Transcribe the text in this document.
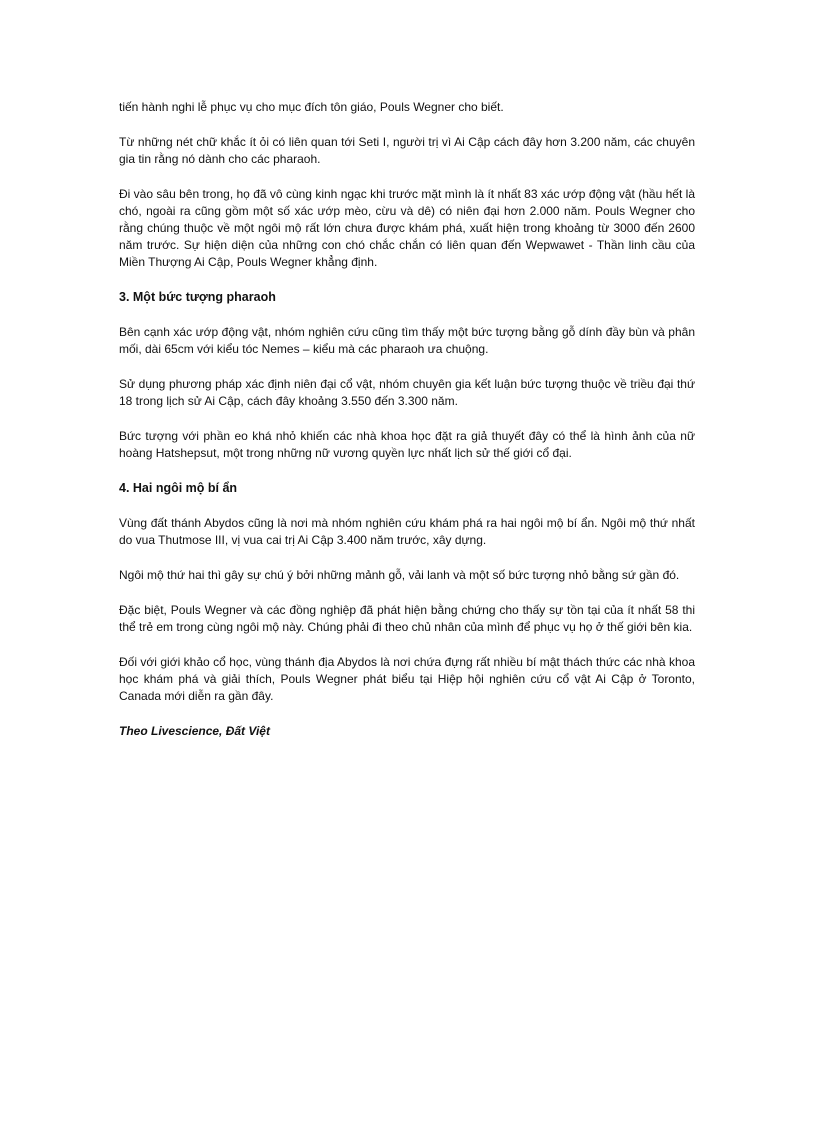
tiến hành nghi lễ phục vụ cho mục đích tôn giáo, Pouls Wegner cho biết.

Từ những nét chữ khắc ít ỏi có liên quan tới Seti I, người trị vì Ai Cập cách đây hơn 3.200 năm, các chuyên gia tin rằng nó dành cho các pharaoh.

Đi vào sâu bên trong, họ đã vô cùng kinh ngạc khi trước mặt mình là ít nhất 83 xác ướp động vật (hầu hết là chó, ngoài ra cũng gồm một số xác ướp mèo, cừu và dê) có niên đại hơn 2.000 năm. Pouls Wegner cho rằng chúng thuộc về một ngôi mộ rất lớn chưa được khám phá, xuất hiện trong khoảng từ 3000 đến 2600 năm trước. Sự hiện diện của những con chó chắc chắn có liên quan đến Wepwawet - Thần linh cầu của Miền Thượng Ai Cập, Pouls Wegner khẳng định.

3. Một bức tượng pharaoh

Bên cạnh xác ướp động vật, nhóm nghiên cứu cũng tìm thấy một bức tượng bằng gỗ dính đầy bùn và phân mối, dài 65cm với kiểu tóc Nemes – kiểu mà các pharaoh ưa chuộng.

Sử dụng phương pháp xác định niên đại cổ vật, nhóm chuyên gia kết luận bức tượng thuộc về triều đại thứ 18 trong lịch sử Ai Cập, cách đây khoảng 3.550 đến 3.300 năm.

Bức tượng với phần eo khá nhỏ khiến các nhà khoa học đặt ra giả thuyết đây có thể là hình ảnh của nữ hoàng Hatshepsut, một trong những nữ vương quyền lực nhất lịch sử thế giới cổ đại.

4. Hai ngôi mộ bí ẩn

Vùng đất thánh Abydos cũng là nơi mà nhóm nghiên cứu khám phá ra hai ngôi mộ bí ẩn. Ngôi mộ thứ nhất do vua Thutmose III, vị vua cai trị Ai Cập 3.400 năm trước, xây dựng.

Ngôi mộ thứ hai thì gây sự chú ý bởi những mảnh gỗ, vải lanh và một số bức tượng nhỏ bằng sứ gần đó.

Đặc biệt, Pouls Wegner và các đồng nghiệp đã phát hiện bằng chứng cho thấy sự tồn tại của ít nhất 58 thi thể trẻ em trong cùng ngôi mộ này. Chúng phải đi theo chủ nhân của mình để phục vụ họ ở thế giới bên kia.

Đối với giới khảo cổ học, vùng thánh địa Abydos là nơi chứa đựng rất nhiều bí mật thách thức các nhà khoa học khám phá và giải thích, Pouls Wegner phát biểu tại Hiệp hội nghiên cứu cổ vật Ai Cập ở Toronto, Canada mới diễn ra gần đây.

Theo Livescience, Đất Việt
